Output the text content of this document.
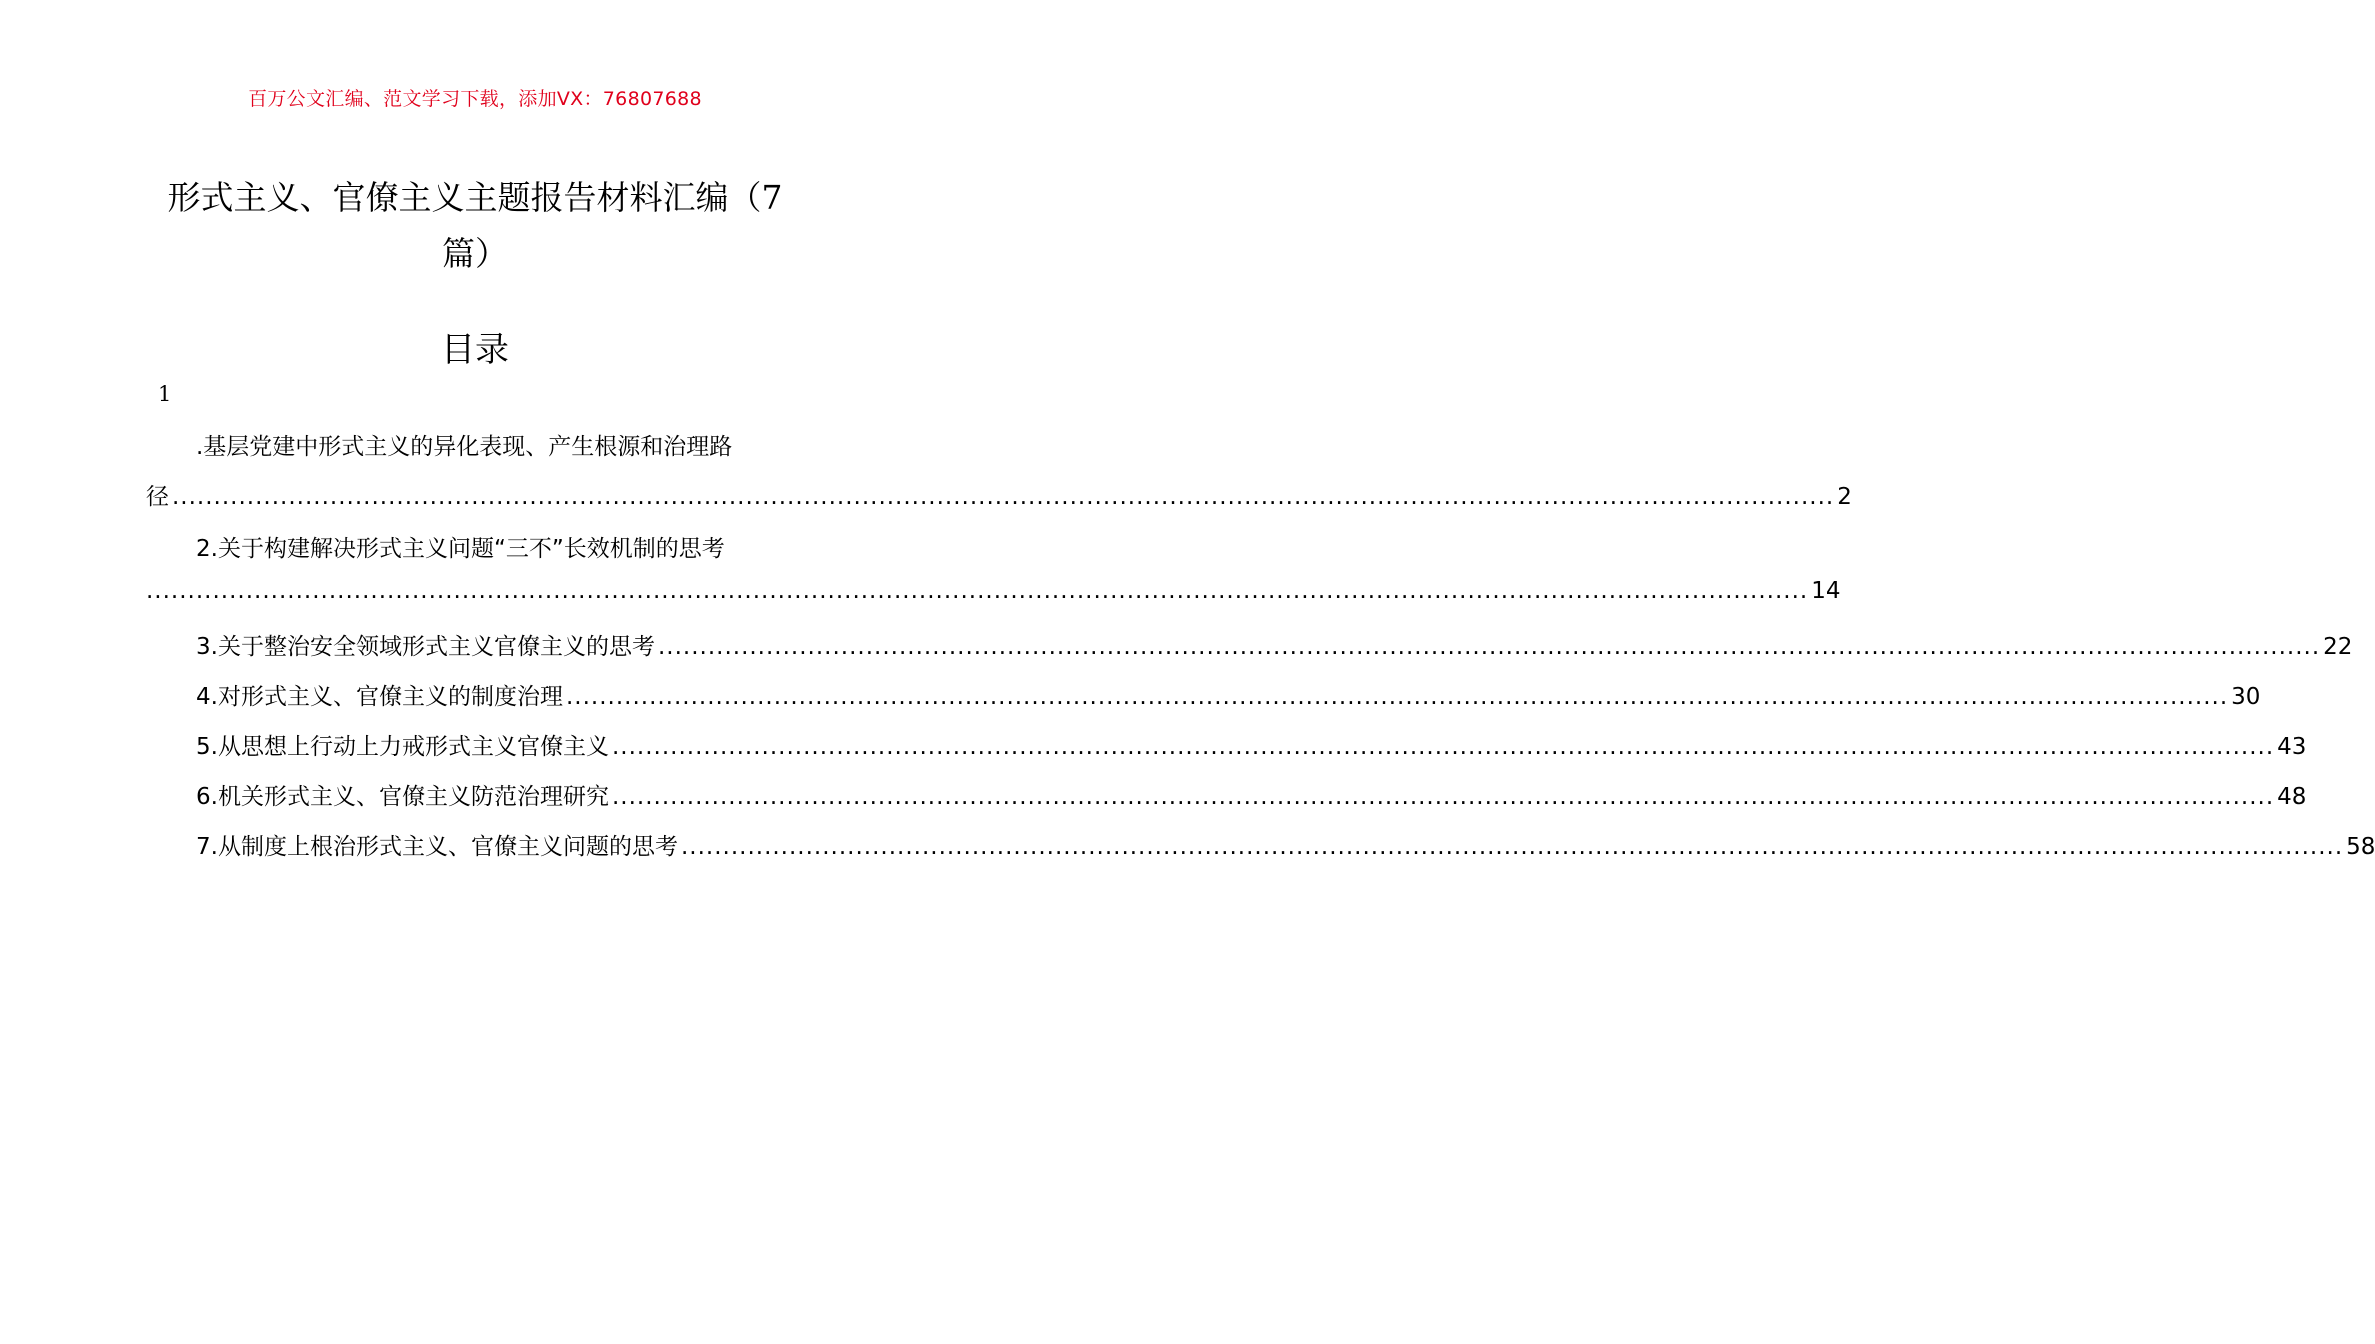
百万公文汇编、范文学习下载，添加VX：76807688
形式主义、官僚主义主题报告材料汇编（7
篇）
目录
1
.基层党建中形式主义的异化表现、产生根源和治理路
径 ........................................................................................................................................................................................................ 2
2.关于构建解决形式主义问题“三不”长效机制的思考
........................................................................................................................................................................................................ 14
3.关于整治安全领域形式主义官僚主义的思考 ........................................................................................................................................................................................................ 22
4.对形式主义、官僚主义的制度治理 ........................................................................................................................................................................................................ 30
5.从思想上行动上力戒形式主义官僚主义 ........................................................................................................................................................................................................ 43
6.机关形式主义、官僚主义防范治理研究 ........................................................................................................................................................................................................ 48
7.从制度上根治形式主义、官僚主义问题的思考 ........................................................................................................................................................................................................ 58
